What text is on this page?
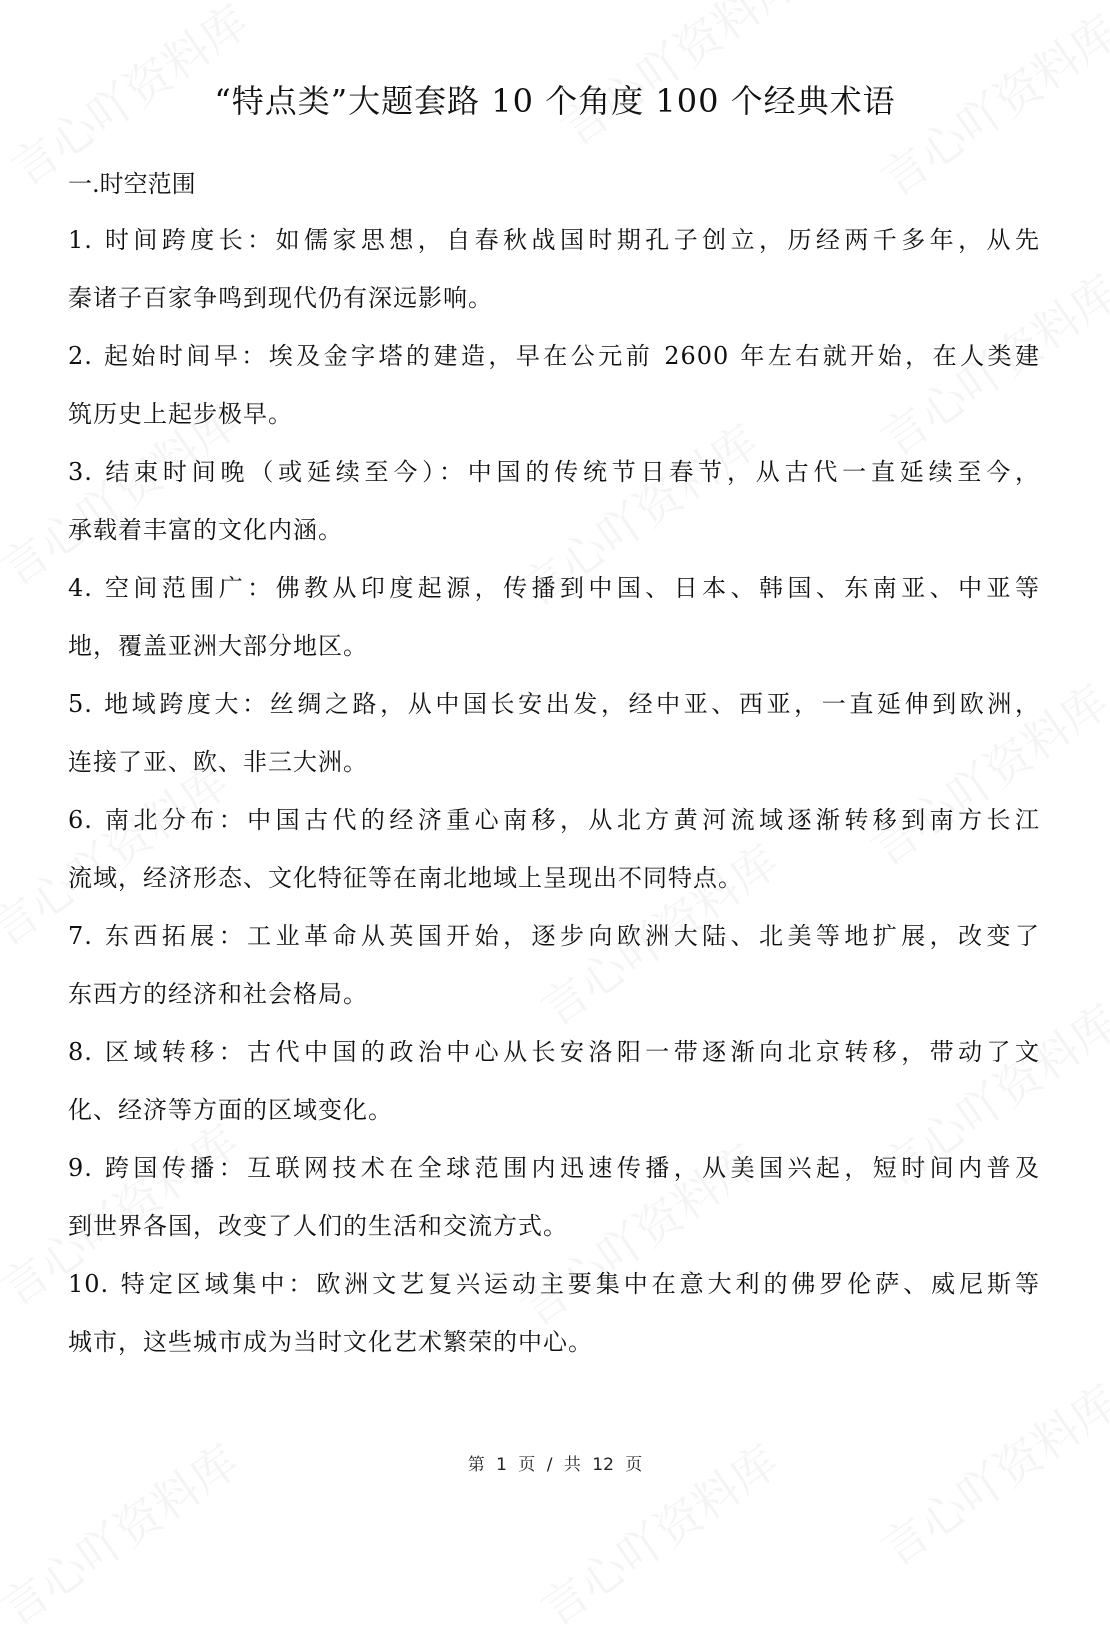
“特点类”大题套路 10 个角度 100 个经典术语
一.时空范围
1. 时间跨度长：如儒家思想，自春秋战国时期孔子创立，历经两千多年，从先
秦诸子百家争鸣到现代仍有深远影响。
2. 起始时间早：埃及金字塔的建造，早在公元前 2600 年左右就开始，在人类建
筑历史上起步极早。
3. 结束时间晚（或延续至今）：中国的传统节日春节，从古代一直延续至今，
承载着丰富的文化内涵。
4. 空间范围广：佛教从印度起源，传播到中国、日本、韩国、东南亚、中亚等
地，覆盖亚洲大部分地区。
5. 地域跨度大：丝绸之路，从中国长安出发，经中亚、西亚，一直延伸到欧洲，
连接了亚、欧、非三大洲。
6. 南北分布：中国古代的经济重心南移，从北方黄河流域逐渐转移到南方长江
流域，经济形态、文化特征等在南北地域上呈现出不同特点。
7. 东西拓展：工业革命从英国开始，逐步向欧洲大陆、北美等地扩展，改变了
东西方的经济和社会格局。
8. 区域转移：古代中国的政治中心从长安洛阳一带逐渐向北京转移，带动了文
化、经济等方面的区域变化。
9. 跨国传播：互联网技术在全球范围内迅速传播，从美国兴起，短时间内普及
到世界各国，改变了人们的生活和交流方式。
10. 特定区域集中：欧洲文艺复兴运动主要集中在意大利的佛罗伦萨、威尼斯等
城市，这些城市成为当时文化艺术繁荣的中心。
第 1 页 / 共 12 页
